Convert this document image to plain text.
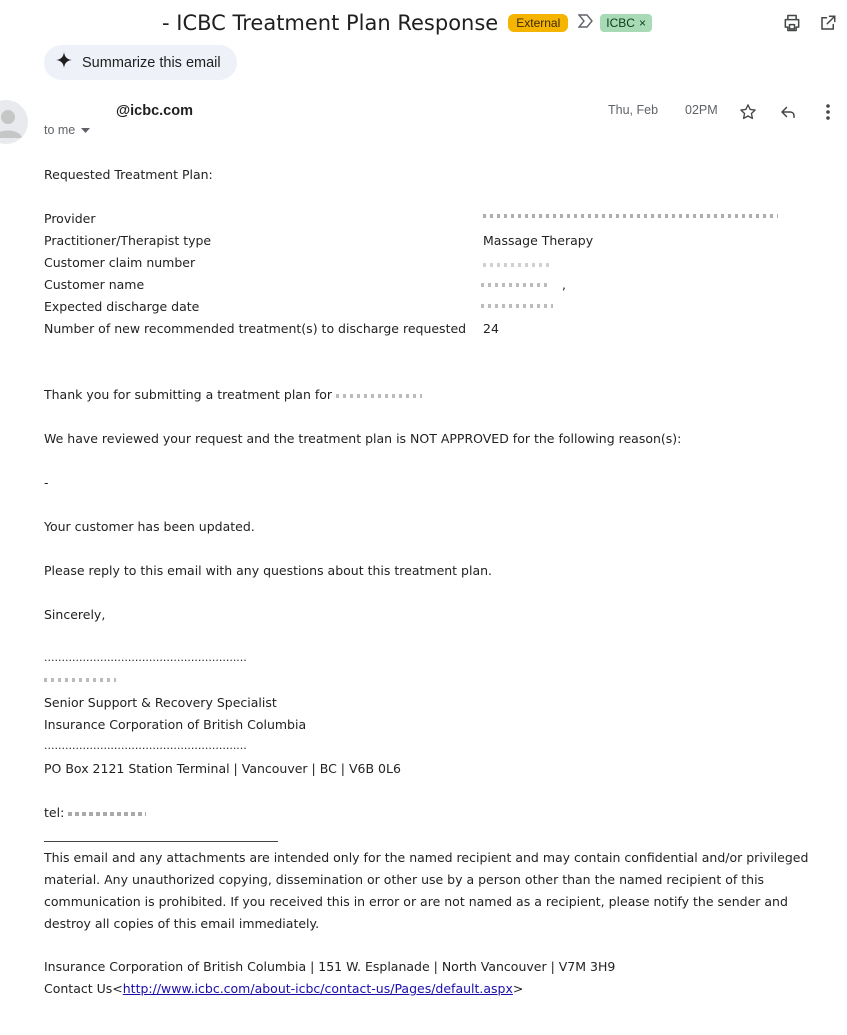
- ICBC Treatment Plan Response	External	ICBC ×
Summarize this email
@icbc.com
to me
Thu, Feb 02PM
Requested Treatment Plan:
Provider
Practitioner/Therapist type	Massage Therapy
Customer claim number
Customer name	,
Expected discharge date
Number of new recommended treatment(s) to discharge requested 24
Thank you for submitting a treatment plan for
We have reviewed your request and the treatment plan is NOT APPROVED for the following reason(s):
-
Your customer has been updated.
Please reply to this email with any questions about this treatment plan.
Sincerely,
..........................................................
Senior Support & Recovery Specialist
Insurance Corporation of British Columbia
..........................................................
PO Box 2121 Station Terminal | Vancouver | BC | V6B 0L6
tel:
This email and any attachments are intended only for the named recipient and may contain confidential and/or privileged material. Any unauthorized copying, dissemination or other use by a person other than the named recipient of this communication is prohibited. If you received this in error or are not named as a recipient, please notify the sender and destroy all copies of this email immediately.
Insurance Corporation of British Columbia | 151 W. Esplanade | North Vancouver | V7M 3H9
Contact Us<http://www.icbc.com/about-icbc/contact-us/Pages/default.aspx>
